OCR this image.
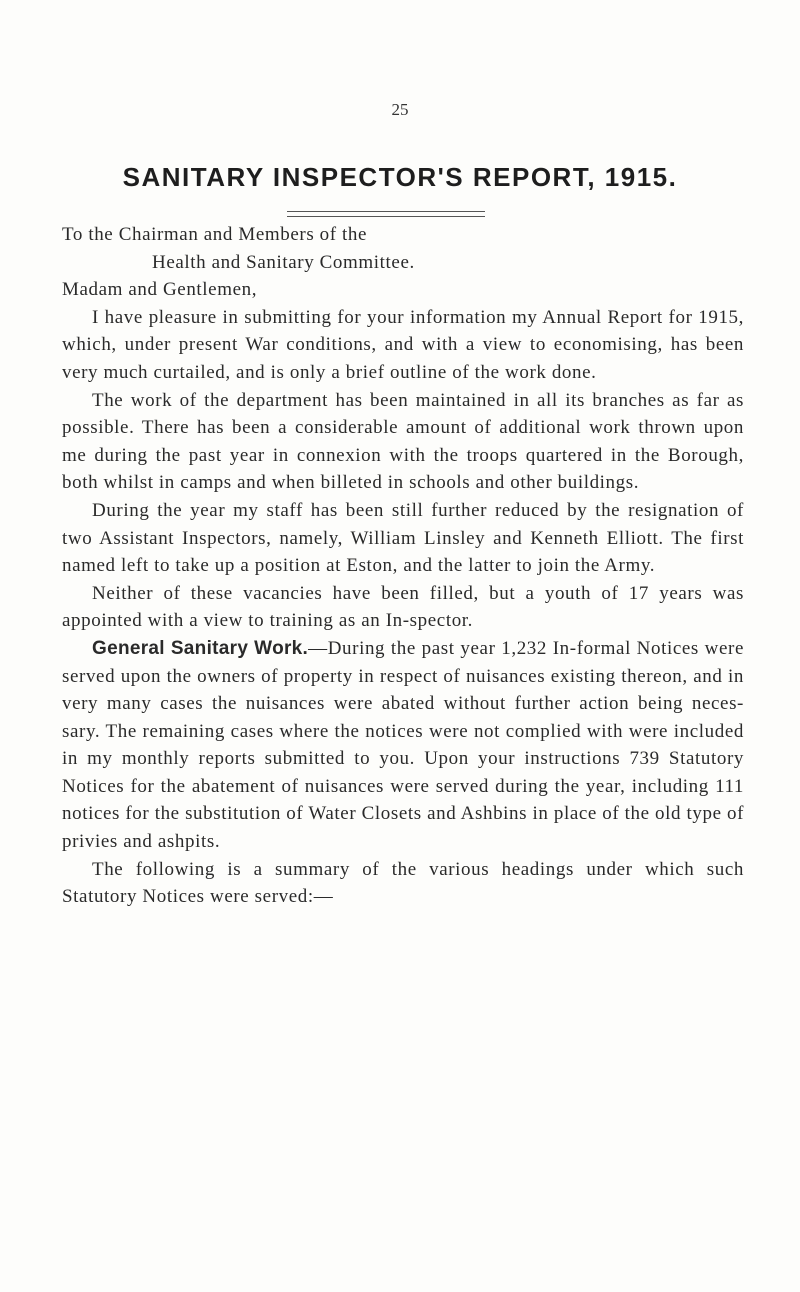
25
SANITARY INSPECTOR'S REPORT, 1915.

To the Chairman and Members of the

Health and Sanitary Committee.

Madam and Gentlemen,

I have pleasure in submitting for your information my Annual Report for 1915, which, under present War conditions, and with a view to economising, has been very much curtailed, and is only a brief outline of the work done.

The work of the department has been maintained in all its branches as far as possible. There has been a considerable amount of additional work thrown upon me during the past year in connexion with the troops quartered in the Borough, both whilst in camps and when billeted in schools and other buildings.

During the year my staff has been still further reduced by the resignation of two Assistant Inspectors, namely, William Linsley and Kenneth Elliott. The first named left to take up a position at Eston, and the latter to join the Army.

Neither of these vacancies have been filled, but a youth of 17 years was appointed with a view to training as an In-spector.

General Sanitary Work.—During the past year 1,232 In-formal Notices were served upon the owners of property in respect of nuisances existing thereon, and in very many cases the nuisances were abated without further action being neces-sary. The remaining cases where the notices were not complied with were included in my monthly reports submitted to you. Upon your instructions 739 Statutory Notices for the abatement of nuisances were served during the year, including 111 notices for the substitution of Water Closets and Ashbins in place of the old type of privies and ashpits.

The following is a summary of the various headings under which such Statutory Notices were served:—
